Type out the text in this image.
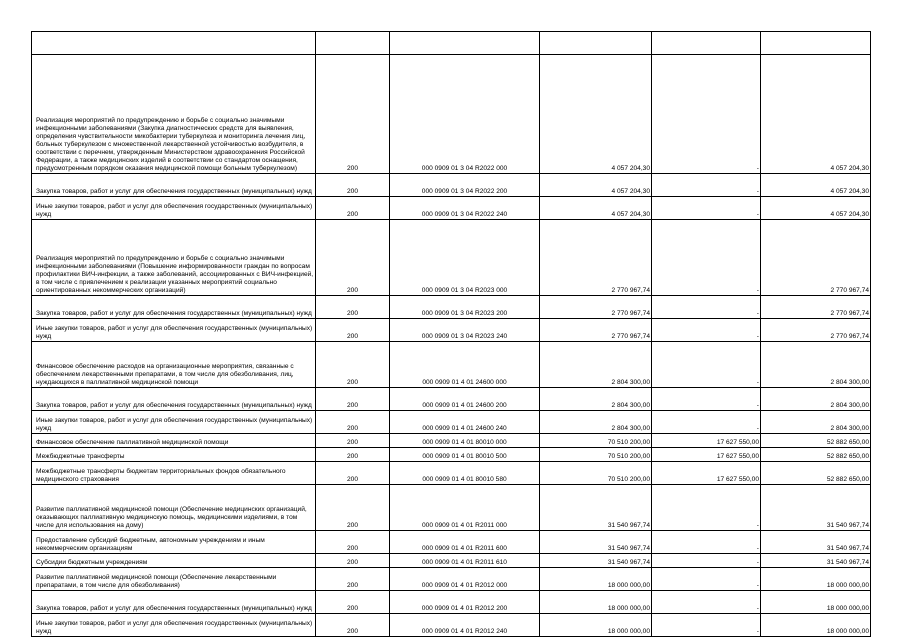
Реализация мероприятий по предупреждению и борьбе с социально значимыми инфекционными заболеваниями (Закупка диагностических средств для выявления, определения чувствительности микобактерии туберкулеза и мониторинга лечения лиц, больных туберкулезом с множественной лекарственной устойчивостью возбудителя, в соответствии с перечнем, утвержденным Министерством здравоохранения Российской Федерации, а также медицинских изделий в соответствии со стандартом оснащения, предусмотренным порядком оказания медицинской помощи больным туберкулезом)	200	000 0909 01 3 04 R2022 000	4 057 204,30	-	4 057 204,30
Закупка товаров, работ и услуг для обеспечения государственных (муниципальных) нужд	200	000 0909 01 3 04 R2022 200	4 057 204,30	-	4 057 204,30
Иные закупки товаров, работ и услуг для обеспечения государственных (муниципальных) нужд	200	000 0909 01 3 04 R2022 240	4 057 204,30	-	4 057 204,30
Реализация мероприятий по предупреждению и борьбе с социально значимыми инфекционными заболеваниями (Повышение информированности граждан по вопросам профилактики ВИЧ-инфекции, а также заболеваний, ассоциированных с ВИЧ-инфекцией, в том числе с привлечением к реализации указанных мероприятий социально ориентированных некоммерческих организаций)	200	000 0909 01 3 04 R2023 000	2 770 967,74	-	2 770 967,74
Закупка товаров, работ и услуг для обеспечения государственных (муниципальных) нужд	200	000 0909 01 3 04 R2023 200	2 770 967,74	-	2 770 967,74
Иные закупки товаров, работ и услуг для обеспечения государственных (муниципальных) нужд	200	000 0909 01 3 04 R2023 240	2 770 967,74	-	2 770 967,74
Финансовое обеспечение расходов на организационные мероприятия, связанные с обеспечением лекарственными препаратами, в том числе для обезболивания, лиц, нуждающихся в паллиативной медицинской помощи	200	000 0909 01 4 01 24600 000	2 804 300,00	-	2 804 300,00
Закупка товаров, работ и услуг для обеспечения государственных (муниципальных) нужд	200	000 0909 01 4 01 24600 200	2 804 300,00	-	2 804 300,00
Иные закупки товаров, работ и услуг для обеспечения государственных (муниципальных) нужд	200	000 0909 01 4 01 24600 240	2 804 300,00	-	2 804 300,00
Финансовое обеспечение паллиативной медицинской помощи	200	000 0909 01 4 01 80010 000	70 510 200,00	17 627 550,00	52 882 650,00
Межбюджетные трансферты	200	000 0909 01 4 01 80010 500	70 510 200,00	17 627 550,00	52 882 650,00
Межбюджетные трансферты бюджетам территориальных фондов обязательного медицинского страхования	200	000 0909 01 4 01 80010 580	70 510 200,00	17 627 550,00	52 882 650,00
Развитие паллиативной медицинской помощи (Обеспечение медицинских организаций, оказывающих паллиативную медицинскую помощь, медицинскими изделиями, в том числе для использования на дому)	200	000 0909 01 4 01 R2011 000	31 540 967,74	-	31 540 967,74
Предоставление субсидий бюджетным, автономным учреждениям и иным некоммерческим организациям	200	000 0909 01 4 01 R2011 600	31 540 967,74	-	31 540 967,74
Субсидии бюджетным учреждениям	200	000 0909 01 4 01 R2011 610	31 540 967,74	-	31 540 967,74
Развитие паллиативной медицинской помощи (Обеспечение лекарственными препаратами, в том числе для обезболивания)	200	000 0909 01 4 01 R2012 000	18 000 000,00	-	18 000 000,00
Закупка товаров, работ и услуг для обеспечения государственных (муниципальных) нужд	200	000 0909 01 4 01 R2012 200	18 000 000,00	-	18 000 000,00
Иные закупки товаров, работ и услуг для обеспечения государственных (муниципальных) нужд	200	000 0909 01 4 01 R2012 240	18 000 000,00	-	18 000 000,00
